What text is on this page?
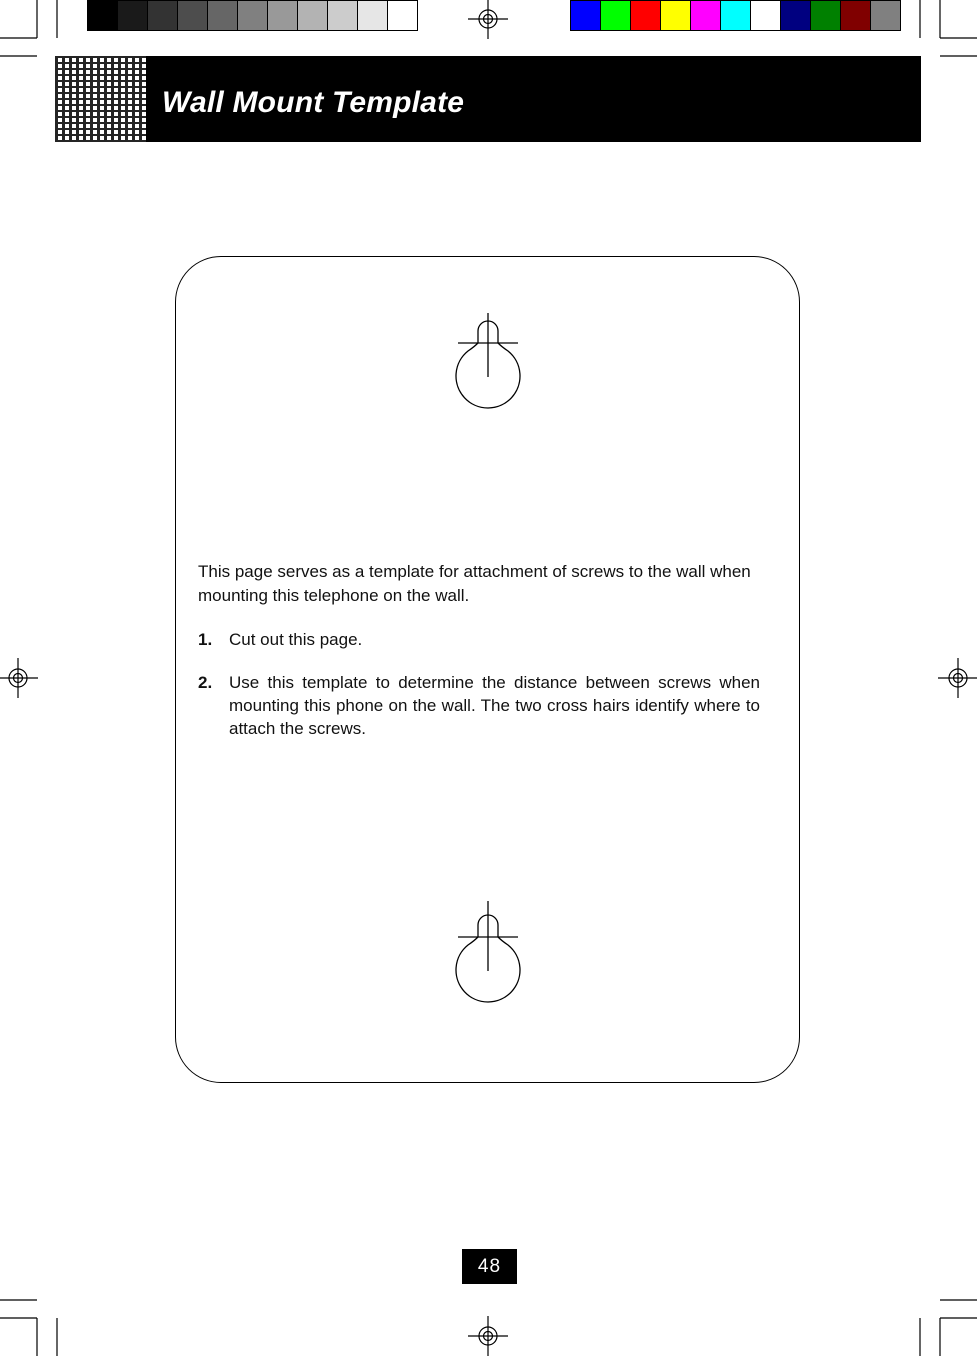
Wall Mount Template

This page serves as a template for attachment of screws to the wall when mounting this telephone on the wall.

1. Cut out this page.
2. Use this template to determine the distance between screws when mounting this phone on the wall. The two cross hairs identify where to attach the screws.
48
